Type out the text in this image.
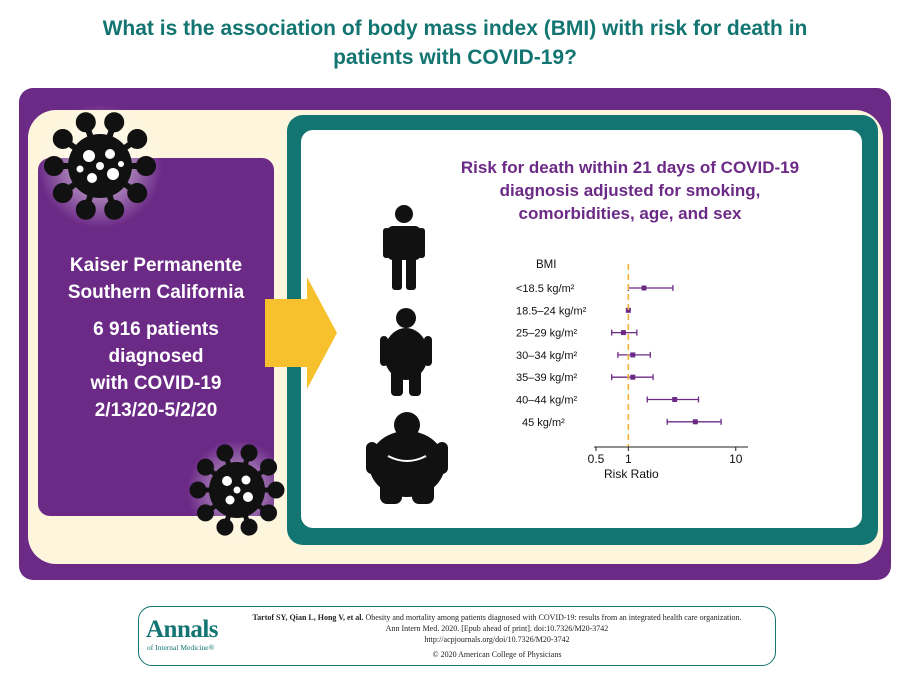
What is the association of body mass index (BMI) with risk for death in
patients with COVID-19?
Kaiser Permanente
Southern California
6 916 patients
diagnosed
with COVID-19
2/13/20-5/2/20
Risk for death within 21 days of COVID-19
diagnosis adjusted for smoking,
comorbidities, age, and sex
BMI
<18.5 kg/m²
18.5–24 kg/m²
25–29 kg/m²
30–34 kg/m²
35–39 kg/m²
40–44 kg/m²
45 kg/m²
0.5 1	10
Risk Ratio
Annals
of Internal Medicine®
Tartof SY, Qian L, Hong V, et al. Obesity and mortality among patients diagnosed with COVID-19: results from an integrated health care organization.
Ann Intern Med. 2020. [Epub ahead of print]. doi:10.7326/M20-3742
http://acpjournals.org/doi/10.7326/M20-3742
© 2020 American College of Physicians
